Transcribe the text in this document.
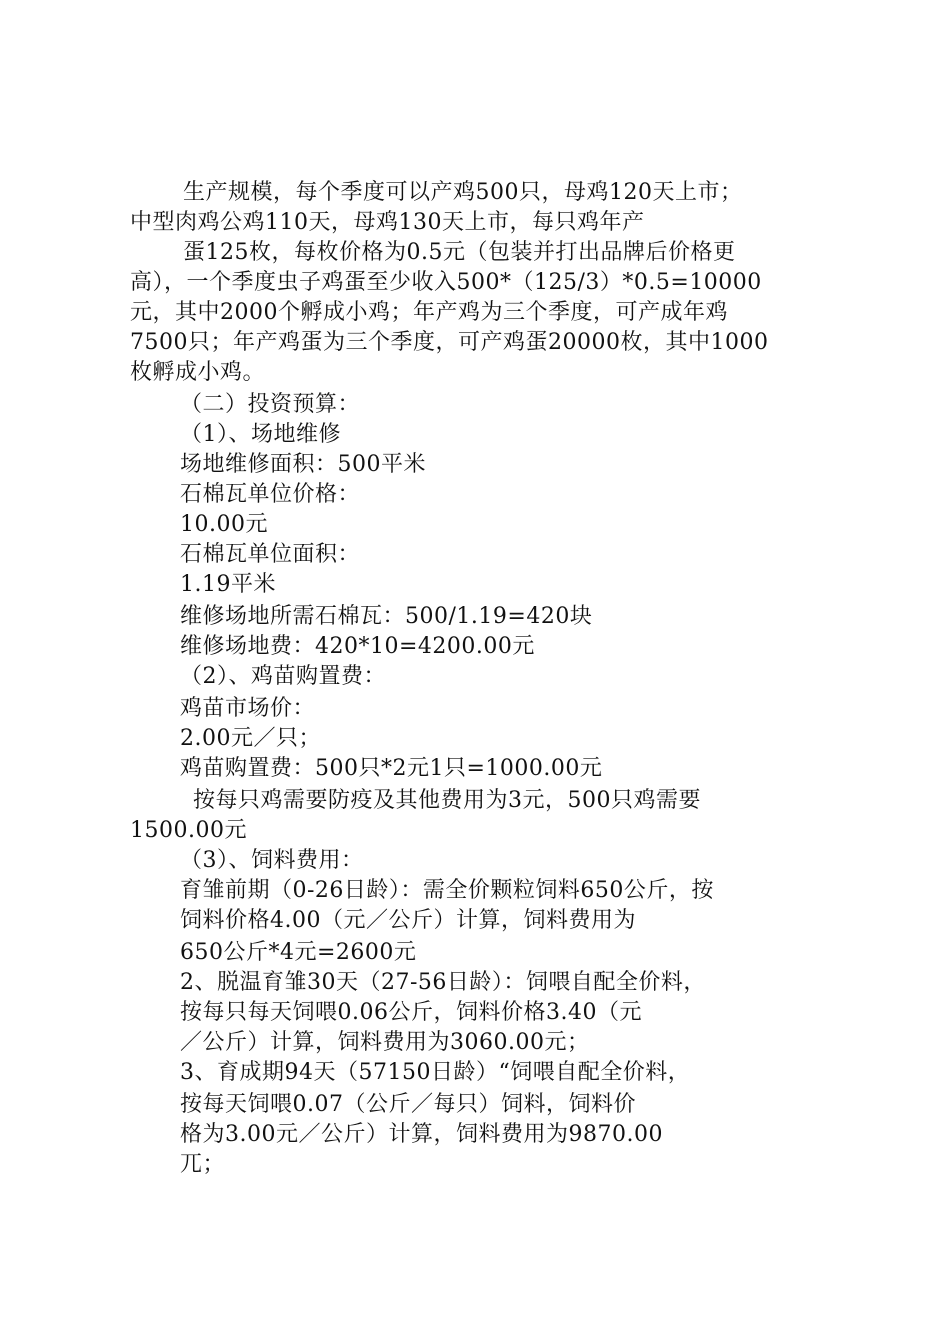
生产规模，每个季度可以产鸡500只，母鸡120天上市；
中型肉鸡公鸡110天，母鸡130天上市，每只鸡年产
蛋125枚，每枚价格为0.5元（包装并打出品牌后价格更
高），一个季度虫子鸡蛋至少收入500*（125/3）*0.5=10000
元，其中2000个孵成小鸡；年产鸡为三个季度，可产成年鸡
7500只；年产鸡蛋为三个季度，可产鸡蛋20000枚，其中1000
枚孵成小鸡。
（二）投资预算：
（1）、场地维修
场地维修面积：500平米
石棉瓦单位价格：
10.00元
石棉瓦单位面积：
1.19平米
维修场地所需石棉瓦：500/1.19=420块
维修场地费：420*10=4200.00元
（2）、鸡苗购置费：
鸡苗市场价：
2.00元／只；
鸡苗购置费：500只*2元1只=1000.00元
按每只鸡需要防疫及其他费用为3元，500只鸡需要
1500.00元
（3）、饲料费用：
育雏前期（0-26日龄）：需全价颗粒饲料650公斤，按
饲料价格4.00（元／公斤）计算，饲料费用为
650公斤*4元=2600元
2、脱温育雏30天（27-56日龄）：饲喂自配全价料，
按每只每天饲喂0.06公斤，饲料价格3.40（元
／公斤）计算，饲料费用为3060.00元；
3、育成期94天（57150日龄）“饲喂自配全价料，
按每天饲喂0.07（公斤／每只）饲料，饲料价
格为3.00元／公斤）计算，饲料费用为9870.00
兀；
